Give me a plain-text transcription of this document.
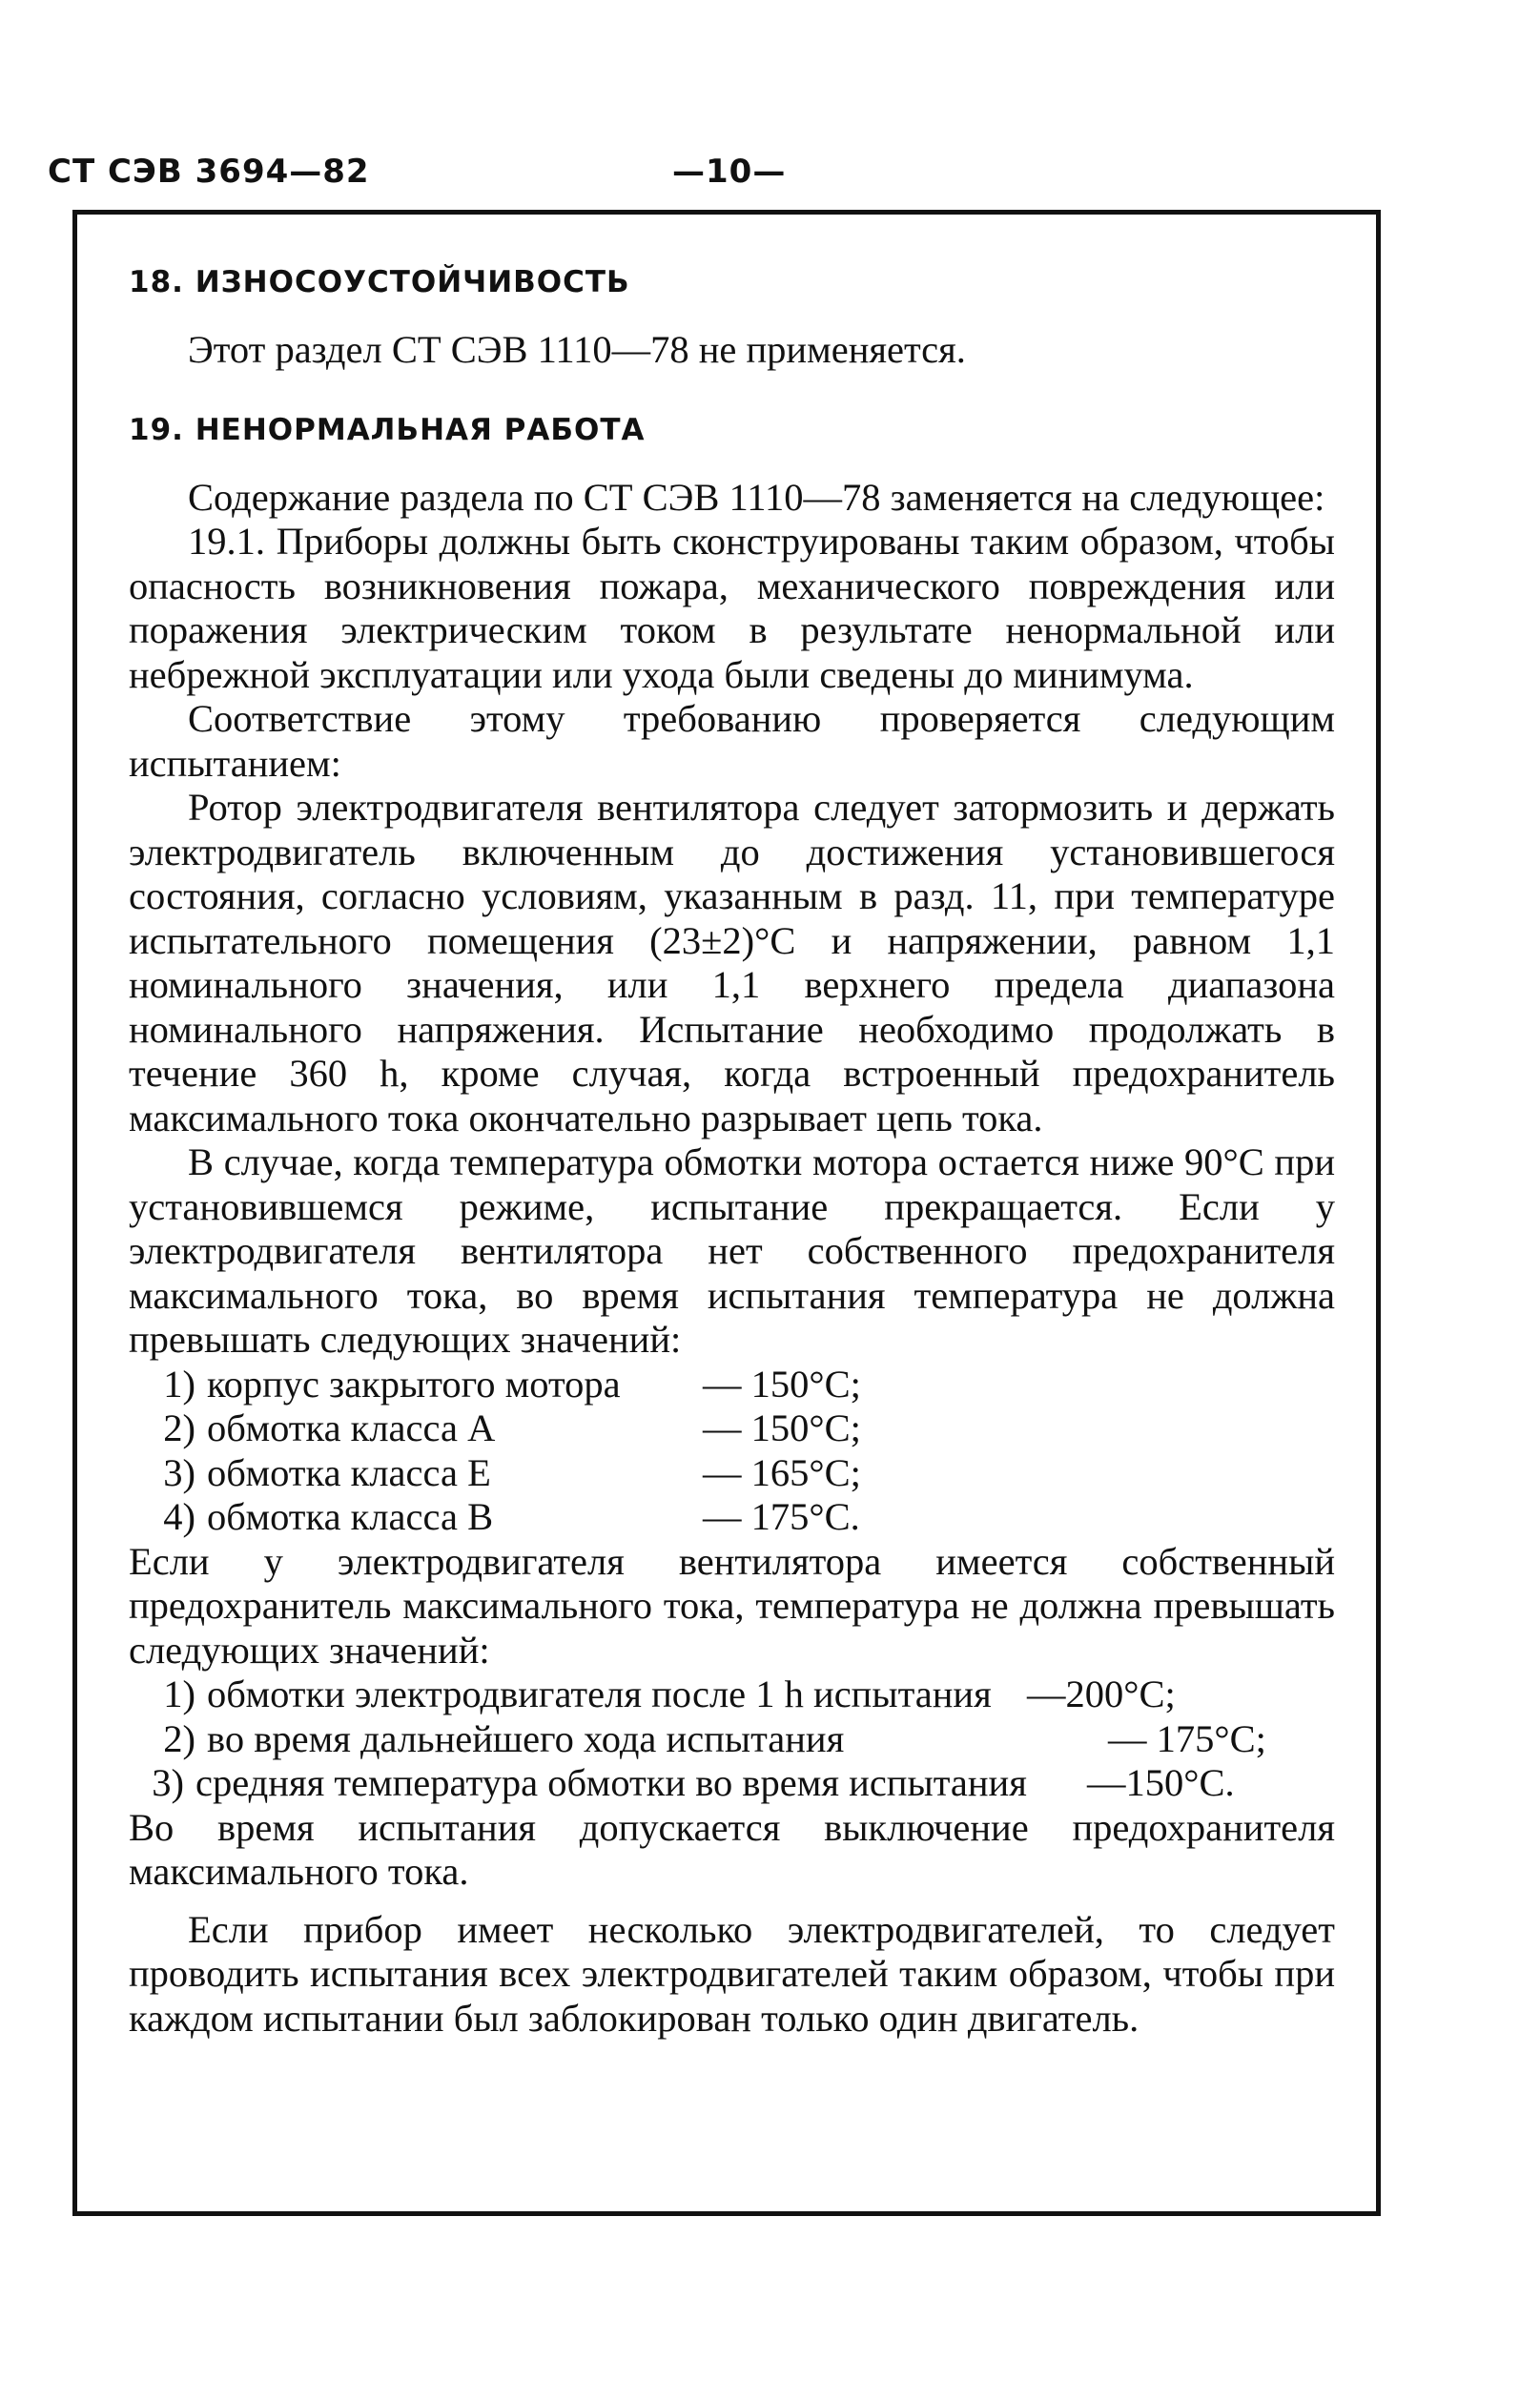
СТ СЭВ 3694—82	—10—

18. ИЗНОСОУСТОЙЧИВОСТЬ

Этот раздел СТ СЭВ 1110—78 не применяется.

19. НЕНОРМАЛЬНАЯ РАБОТА

Содержание раздела по СТ СЭВ 1110—78 заменяется на следующее:

19.1. Приборы должны быть сконструированы таким образом, чтобы опасность возникновения пожара, механического повреждения или поражения электрическим током в результате ненормальной или небрежной эксплуатации или ухода были сведены до минимума.

Соответствие этому требованию проверяется следующим испытанием:

Ротор электродвигателя вентилятора следует затормозить и держать электродвигатель включенным до достижения установившегося состояния, согласно условиям, указанным в разд. 11, при температуре испытательного помещения (23±2)°C и напряжении, равном 1,1 номинального значения, или 1,1 верхнего предела диапазона номинального напряжения. Испытание необходимо продолжать в течение 360 h, кроме случая, когда встроенный предохранитель максимального тока окончательно разрывает цепь тока.

В случае, когда температура обмотки мотора остается ниже 90°C при установившемся режиме, испытание прекращается. Если у электродвигателя вентилятора нет собственного предохранителя максимального тока, во время испытания температура не должна превышать следующих значений:

1) корпус закрытого мотора	— 150°C;
2) обмотка класса А	— 150°C;
3) обмотка класса Е	— 165°C;
4) обмотка класса В	— 175°C.

Если у электродвигателя вентилятора имеется собственный предохранитель максимального тока, температура не должна превышать следующих значений:

1) обмотки электродвигателя после 1 h испытания —200°C;
2) во время дальнейшего хода испытания	— 175°C;
3) средняя температура обмотки во время испытания	—150°C.

Во время испытания допускается выключение предохранителя максимального тока.

Если прибор имеет несколько электродвигателей, то следует проводить испытания всех электродвигателей таким образом, чтобы при каждом испытании был заблокирован только один двигатель.
